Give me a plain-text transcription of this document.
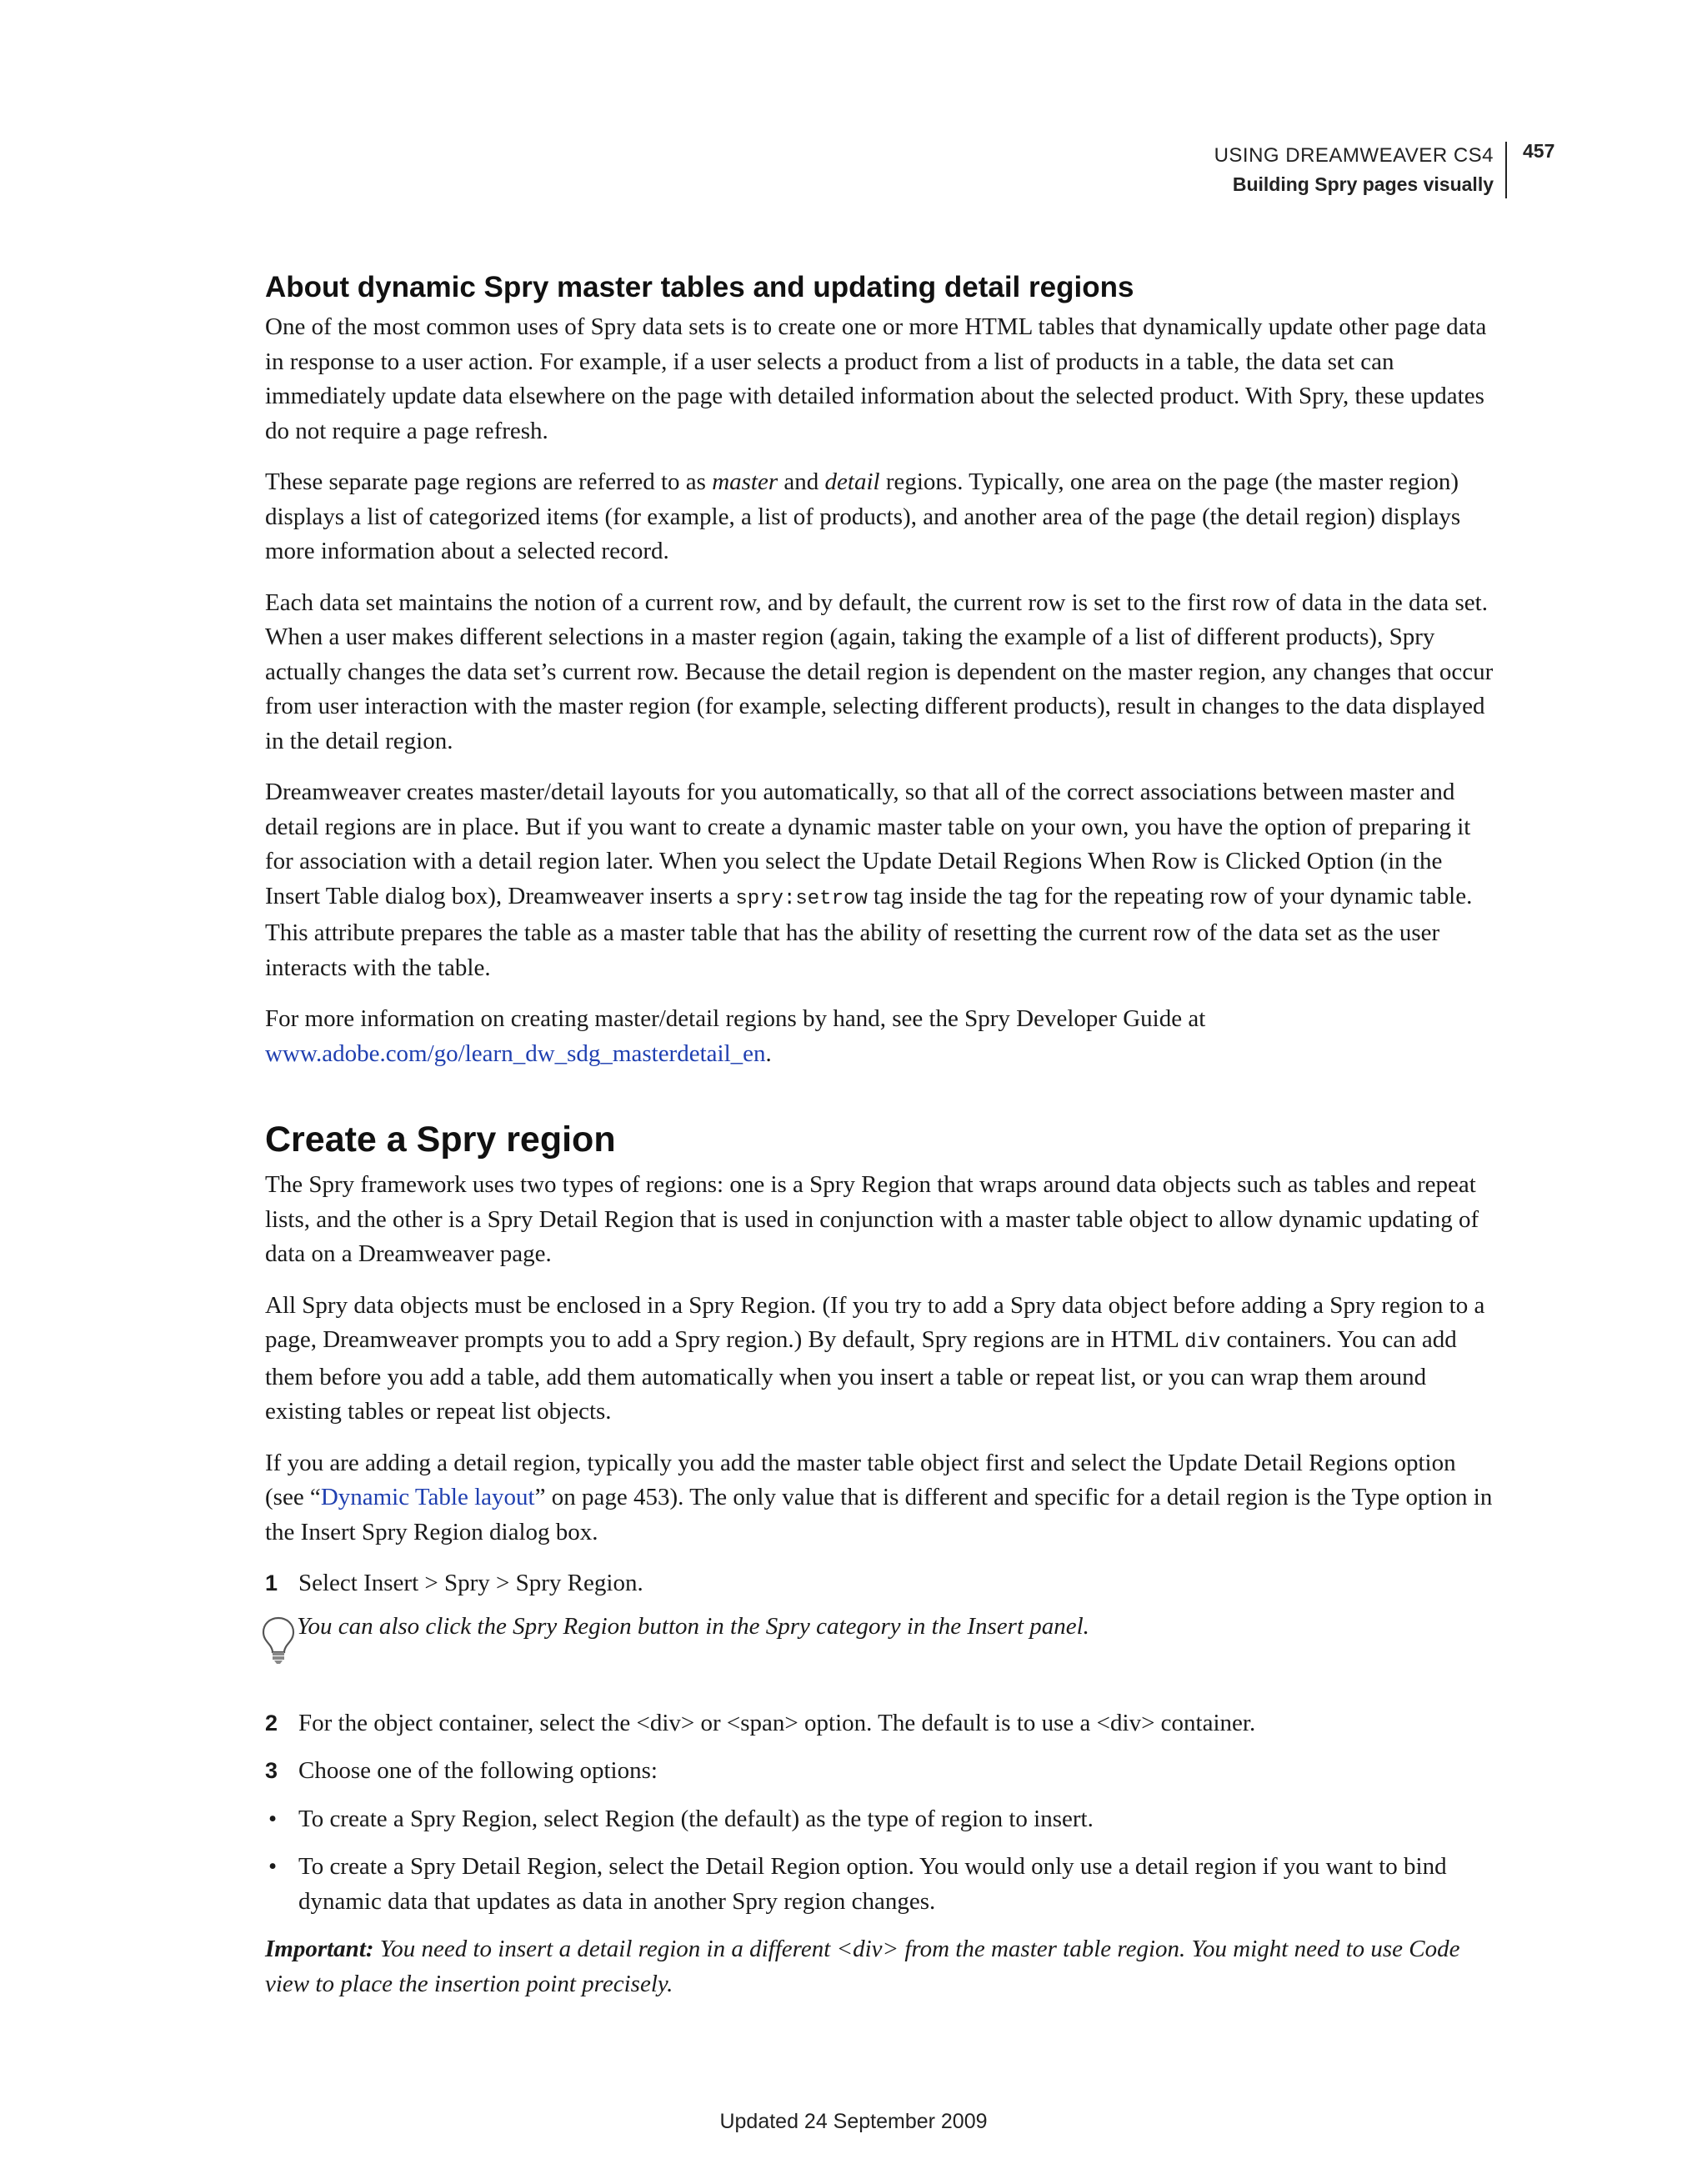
USING DREAMWEAVER CS4
Building Spry pages visually
457
About dynamic Spry master tables and updating detail regions

One of the most common uses of Spry data sets is to create one or more HTML tables that dynamically update other page data in response to a user action. For example, if a user selects a product from a list of products in a table, the data set can immediately update data elsewhere on the page with detailed information about the selected product. With Spry, these updates do not require a page refresh.

These separate page regions are referred to as master and detail regions. Typically, one area on the page (the master region) displays a list of categorized items (for example, a list of products), and another area of the page (the detail region) displays more information about a selected record.

Each data set maintains the notion of a current row, and by default, the current row is set to the first row of data in the data set. When a user makes different selections in a master region (again, taking the example of a list of different products), Spry actually changes the data set’s current row. Because the detail region is dependent on the master region, any changes that occur from user interaction with the master region (for example, selecting different products), result in changes to the data displayed in the detail region.

Dreamweaver creates master/detail layouts for you automatically, so that all of the correct associations between master and detail regions are in place. But if you want to create a dynamic master table on your own, you have the option of preparing it for association with a detail region later. When you select the Update Detail Regions When Row is Clicked Option (in the Insert Table dialog box), Dreamweaver inserts a spry:setrow tag inside the tag for the repeating row of your dynamic table. This attribute prepares the table as a master table that has the ability of resetting the current row of the data set as the user interacts with the table.

For more information on creating master/detail regions by hand, see the Spry Developer Guide at www.adobe.com/go/learn_dw_sdg_masterdetail_en.

Create a Spry region

The Spry framework uses two types of regions: one is a Spry Region that wraps around data objects such as tables and repeat lists, and the other is a Spry Detail Region that is used in conjunction with a master table object to allow dynamic updating of data on a Dreamweaver page.

All Spry data objects must be enclosed in a Spry Region. (If you try to add a Spry data object before adding a Spry region to a page, Dreamweaver prompts you to add a Spry region.) By default, Spry regions are in HTML div containers. You can add them before you add a table, add them automatically when you insert a table or repeat list, or you can wrap them around existing tables or repeat list objects.

If you are adding a detail region, typically you add the master table object first and select the Update Detail Regions option (see “Dynamic Table layout” on page 453). The only value that is different and specific for a detail region is the Type option in the Insert Spry Region dialog box.

1 Select Insert > Spry > Spry Region.
You can also click the Spry Region button in the Spry category in the Insert panel.
2 For the object container, select the <div> or <span> option. The default is to use a <div> container.
3 Choose one of the following options:
• To create a Spry Region, select Region (the default) as the type of region to insert.
• To create a Spry Detail Region, select the Detail Region option. You would only use a detail region if you want to bind dynamic data that updates as data in another Spry region changes.

Important: You need to insert a detail region in a different <div> from the master table region. You might need to use Code view to place the insertion point precisely.

Updated 24 September 2009
